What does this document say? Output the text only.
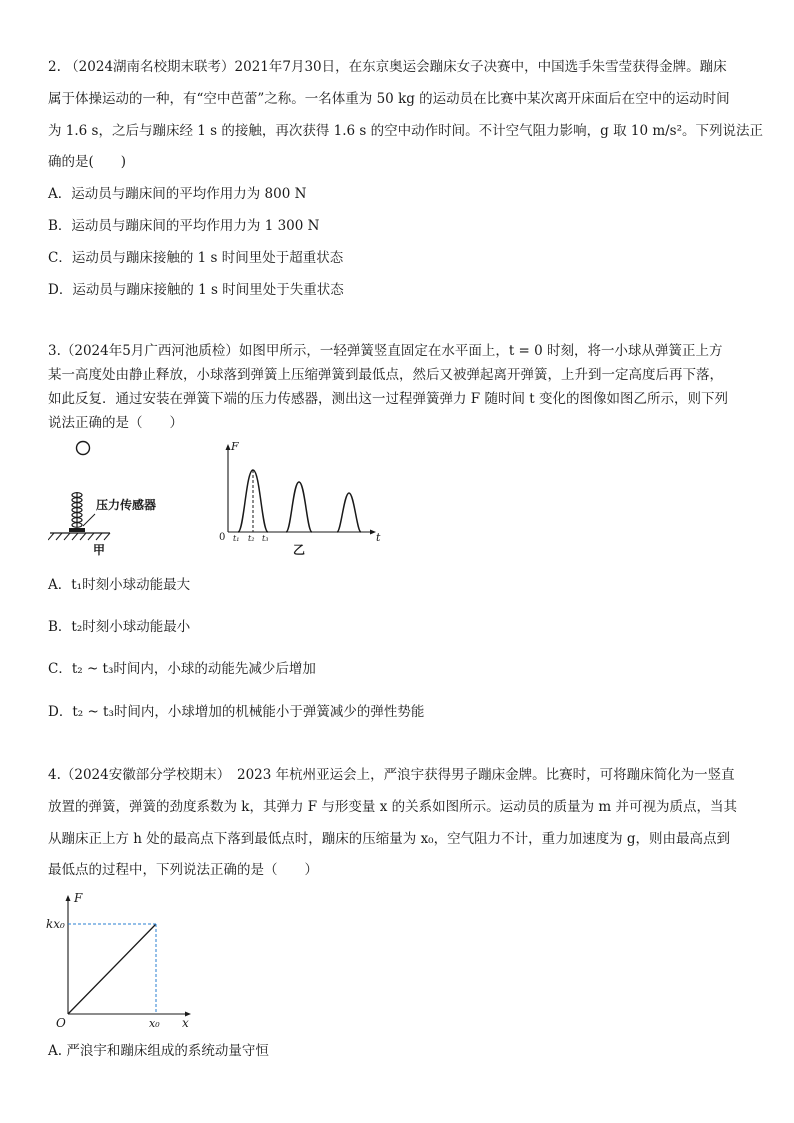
2. （2024湖南名校期末联考）2021年7月30日，在东京奥运会蹦床女子决赛中，中国选手朱雪莹获得金牌。蹦床
属于体操运动的一种，有“空中芭蕾”之称。一名体重为 50 kg 的运动员在比赛中某次离开床面后在空中的运动时间
为 1.6 s，之后与蹦床经 1 s 的接触，再次获得 1.6 s 的空中动作时间。不计空气阻力影响，g 取 10 m/s²。下列说法正
确的是(　　)
A．运动员与蹦床间的平均作用力为 800 N
B．运动员与蹦床间的平均作用力为 1 300 N
C．运动员与蹦床接触的 1 s 时间里处于超重状态
D．运动员与蹦床接触的 1 s 时间里处于失重状态
3.（2024年5月广西河池质检）如图甲所示，一轻弹簧竖直固定在水平面上，t = 0 时刻，将一小球从弹簧正上方
某一高度处由静止释放，小球落到弹簧上压缩弹簧到最低点，然后又被弹起离开弹簧，上升到一定高度后再下落，
如此反复．通过安装在弹簧下端的压力传感器，测出这一过程弹簧弹力 F 随时间 t 变化的图像如图乙所示，则下列
说法正确的是（　　）
压力传感器
甲
F
t
0 t₁ t₂ t₃
乙
A．t₁时刻小球动能最大
B．t₂时刻小球动能最小
C．t₂ ~ t₃时间内，小球的动能先减少后增加
D．t₂ ~ t₃时间内，小球增加的机械能小于弹簧减少的弹性势能
4.（2024安徽部分学校期末）　2023 年杭州亚运会上，严浪宇获得男子蹦床金牌。比赛时，可将蹦床简化为一竖直
放置的弹簧，弹簧的劲度系数为 k，其弹力 F 与形变量 x 的关系如图所示。运动员的质量为 m 并可视为质点，当其
从蹦床正上方 h 处的最高点下落到最低点时，蹦床的压缩量为 x₀，空气阻力不计，重力加速度为 g，则由最高点到
最低点的过程中，下列说法正确的是（　　）
F
x
O
kx₀
x₀
A. 严浪宇和蹦床组成的系统动量守恒
